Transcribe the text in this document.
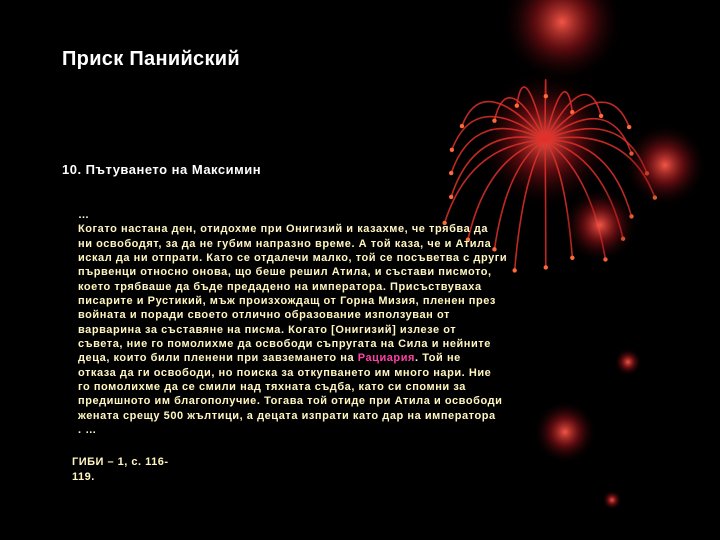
Приск Панийский
10. Пътуването на Максимин
…
Когато настана ден, отидохме при Онигизий и казахме, че трябва да
ни освободят, за да не губим напразно време. А той каза, че и Атила
искал да ни отпрати. Като се отдалечи малко, той се посъветва с други
първенци относно онова, що беше решил Атила, и състави писмото,
което трябваше да бъде предадено на императора. Присъствуваха
писарите и Рустикий, мъж произхождащ от Горна Мизия, пленен през
войната и поради своето отлично образование използуван от
варварина за съставяне на писма. Когато [Онигизий] излезе от
съвета, ние го помолихме да освободи съпругата на Сила и нейните
деца, които били пленени при завземането на Рациария. Той не
отказа да ги освободи, но поиска за откупването им много нари. Ние
го помолихме да се смили над тяхната съдба, като си спомни за
предишното им благополучие. Тогава той отиде при Атила и освободи
жената срещу 500 жълтици, а децата изпрати като дар на императора
. …
ГИБИ – 1, с. 116-
119.
